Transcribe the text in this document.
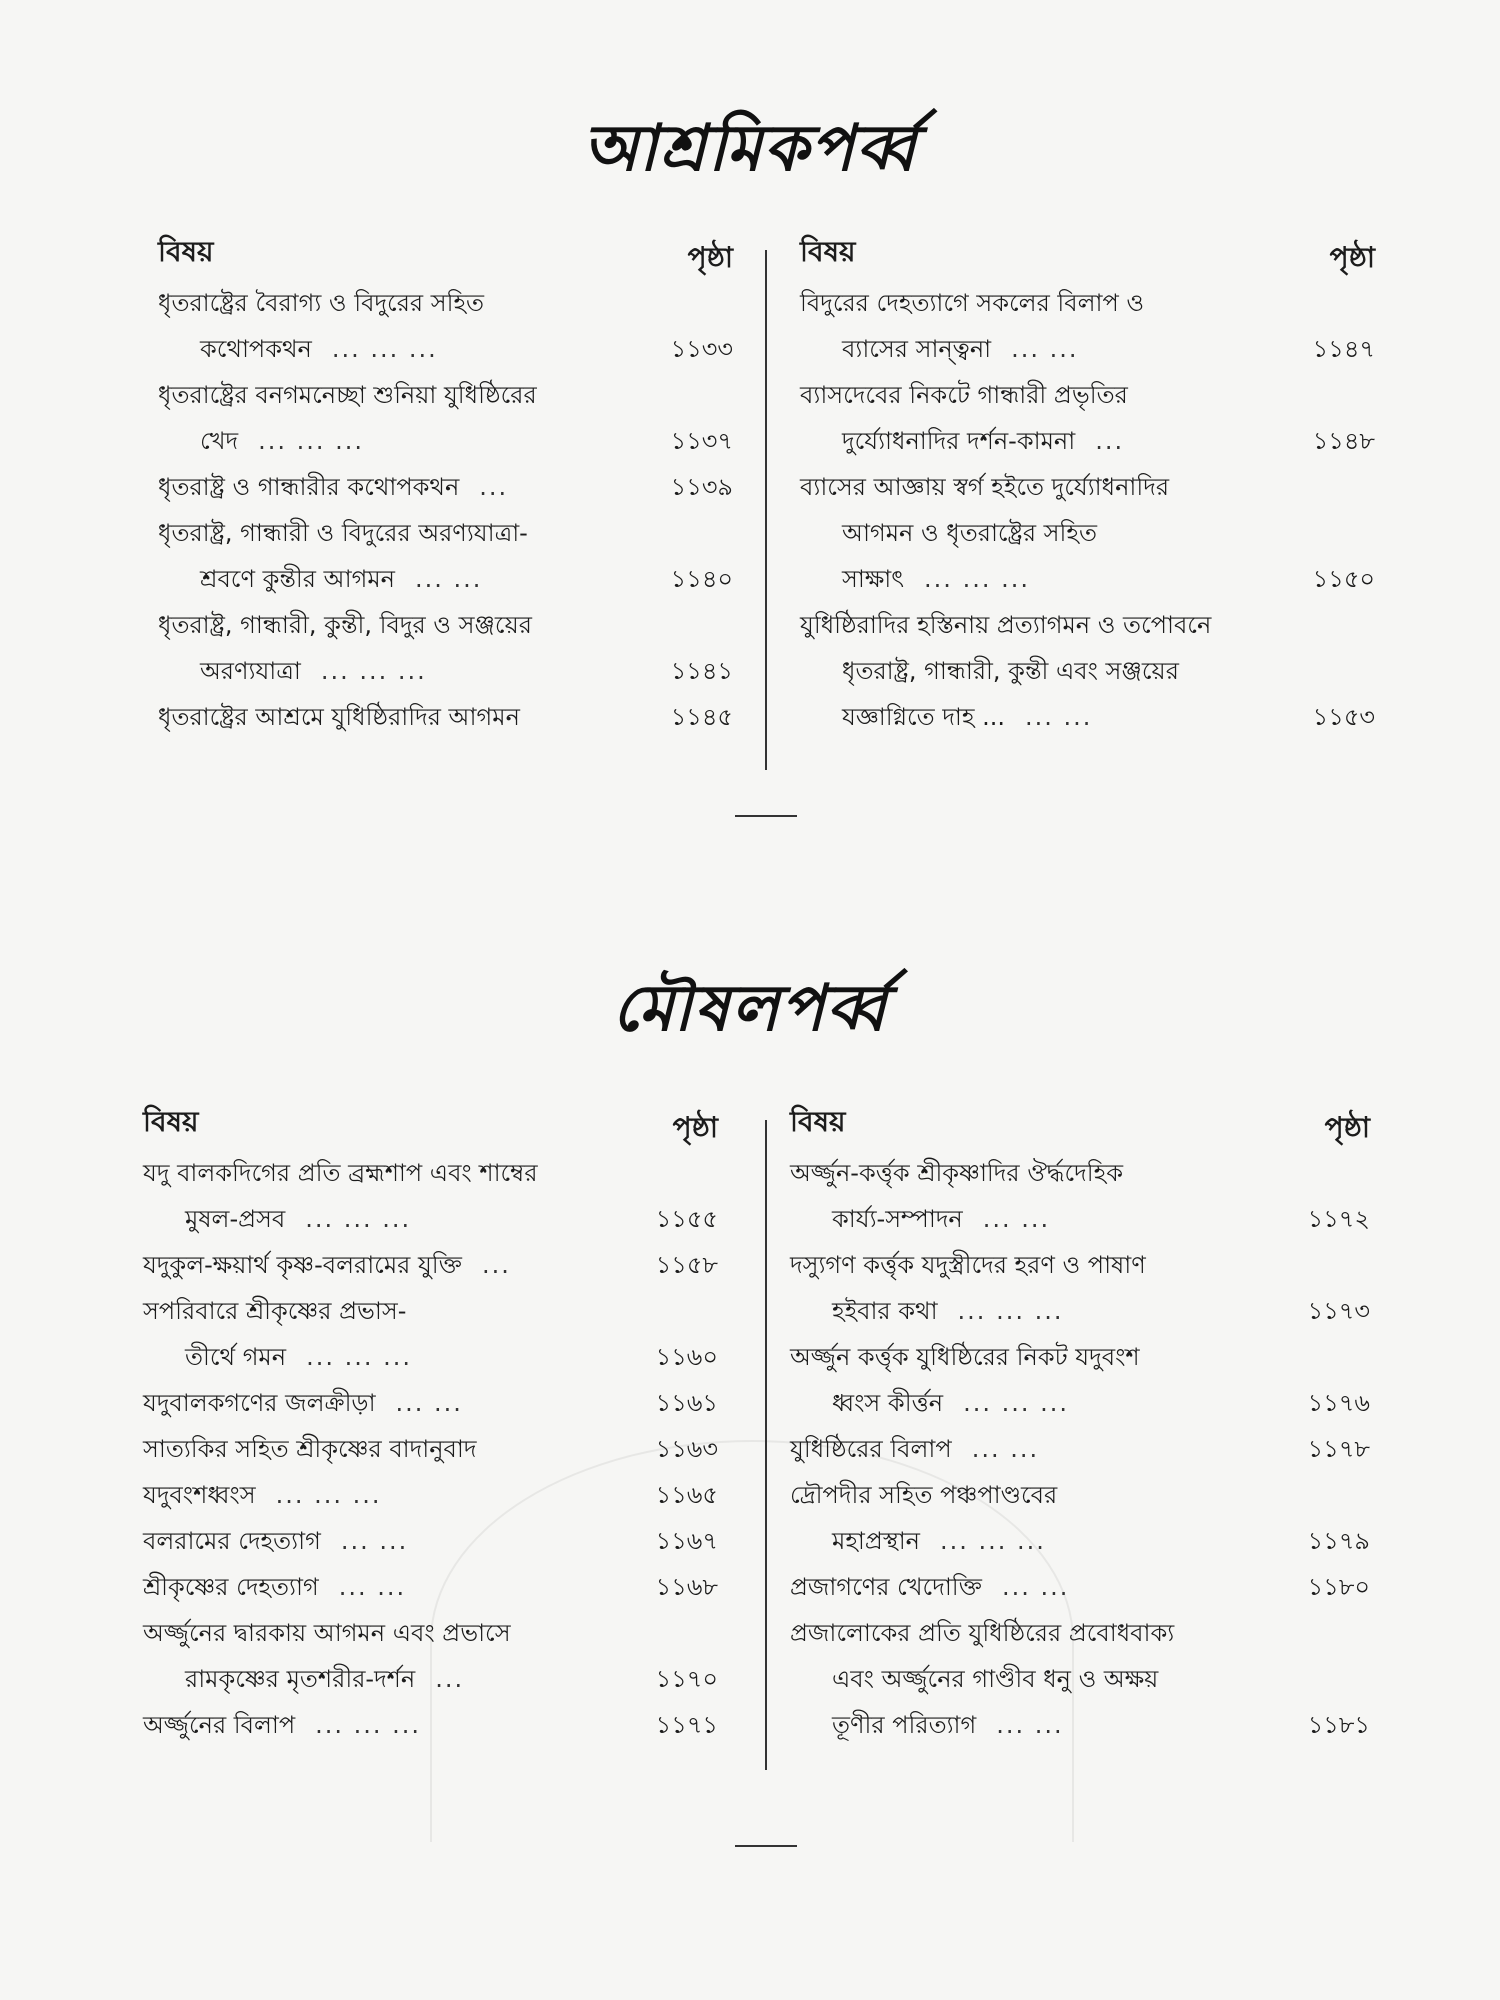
আশ্রমিকপর্ব্ব
বিষয়	পৃষ্ঠা
ধৃতরাষ্ট্রের বৈরাগ্য ও বিদুরের সহিত
কথোপকথন ... ... ...	১১৩৩
ধৃতরাষ্ট্রের বনগমনেচ্ছা শুনিয়া যুধিষ্ঠিরের
খেদ ... ... ...	১১৩৭
ধৃতরাষ্ট্র ও গান্ধারীর কথোপকথন ...	১১৩৯
ধৃতরাষ্ট্র, গান্ধারী ও বিদুরের অরণ্যযাত্রা-
শ্রবণে কুন্তীর আগমন ... ...	১১৪০
ধৃতরাষ্ট্র, গান্ধারী, কুন্তী, বিদুর ও সঞ্জয়ের
অরণ্যযাত্রা ... ... ...	১১৪১
ধৃতরাষ্ট্রের আশ্রমে যুধিষ্ঠিরাদির আগমন	১১৪৫
বিষয়	পৃষ্ঠা
বিদুরের দেহত্যাগে সকলের বিলাপ ও
ব্যাসের সান্ত্বনা ... ...	১১৪৭
ব্যাসদেবের নিকটে গান্ধারী প্রভৃতির
দুর্য্যোধনাদির দর্শন-কামনা ...	১১৪৮
ব্যাসের আজ্ঞায় স্বর্গ হইতে দুর্য্যোধনাদির
আগমন ও ধৃতরাষ্ট্রের সহিত
সাক্ষাৎ ... ... ...	১১৫০
যুধিষ্ঠিরাদির হস্তিনায় প্রত্যাগমন ও তপোবনে
ধৃতরাষ্ট্র, গান্ধারী, কুন্তী এবং সঞ্জয়ের
যজ্ঞাগ্নিতে দাহ ... ... ...	১১৫৩
মৌষলপর্ব্ব
বিষয়	পৃষ্ঠা
যদু বালকদিগের প্রতি ব্রহ্মশাপ এবং শাম্বের
মুষল-প্রসব ... ... ...	১১৫৫
যদুকুল-ক্ষয়ার্থ কৃষ্ণ-বলরামের যুক্তি ...	১১৫৮
সপরিবারে শ্রীকৃষ্ণের প্রভাস-
তীর্থে গমন ... ... ...	১১৬০
যদুবালকগণের জলক্রীড়া ... ...	১১৬১
সাত্যকির সহিত শ্রীকৃষ্ণের বাদানুবাদ	১১৬৩
যদুবংশধ্বংস ... ... ...	১১৬৫
বলরামের দেহত্যাগ ... ...	১১৬৭
শ্রীকৃষ্ণের দেহত্যাগ ... ...	১১৬৮
অর্জ্জুনের দ্বারকায় আগমন এবং প্রভাসে
রামকৃষ্ণের মৃতশরীর-দর্শন ...	১১৭০
অর্জ্জুনের বিলাপ ... ... ...	১১৭১
বিষয়	পৃষ্ঠা
অর্জ্জুন-কর্ত্তৃক শ্রীকৃষ্ণাদির ঔর্দ্ধদেহিক
কার্য্য-সম্পাদন ... ...	১১৭২
দস্যুগণ কর্ত্তৃক যদুস্ত্রীদের হরণ ও পাষাণ
হইবার কথা ... ... ...	১১৭৩
অর্জ্জুন কর্ত্তৃক যুধিষ্ঠিরের নিকট যদুবংশ
ধ্বংস কীর্ত্তন ... ... ...	১১৭৬
যুধিষ্ঠিরের বিলাপ ... ...	১১৭৮
দ্রৌপদীর সহিত পঞ্চপাণ্ডবের
মহাপ্রস্থান ... ... ...	১১৭৯
প্রজাগণের খেদোক্তি ... ...	১১৮০
প্রজালোকের প্রতি যুধিষ্ঠিরের প্রবোধবাক্য
এবং অর্জ্জুনের গাণ্ডীব ধনু ও অক্ষয়
তূণীর পরিত্যাগ ... ...	১১৮১
